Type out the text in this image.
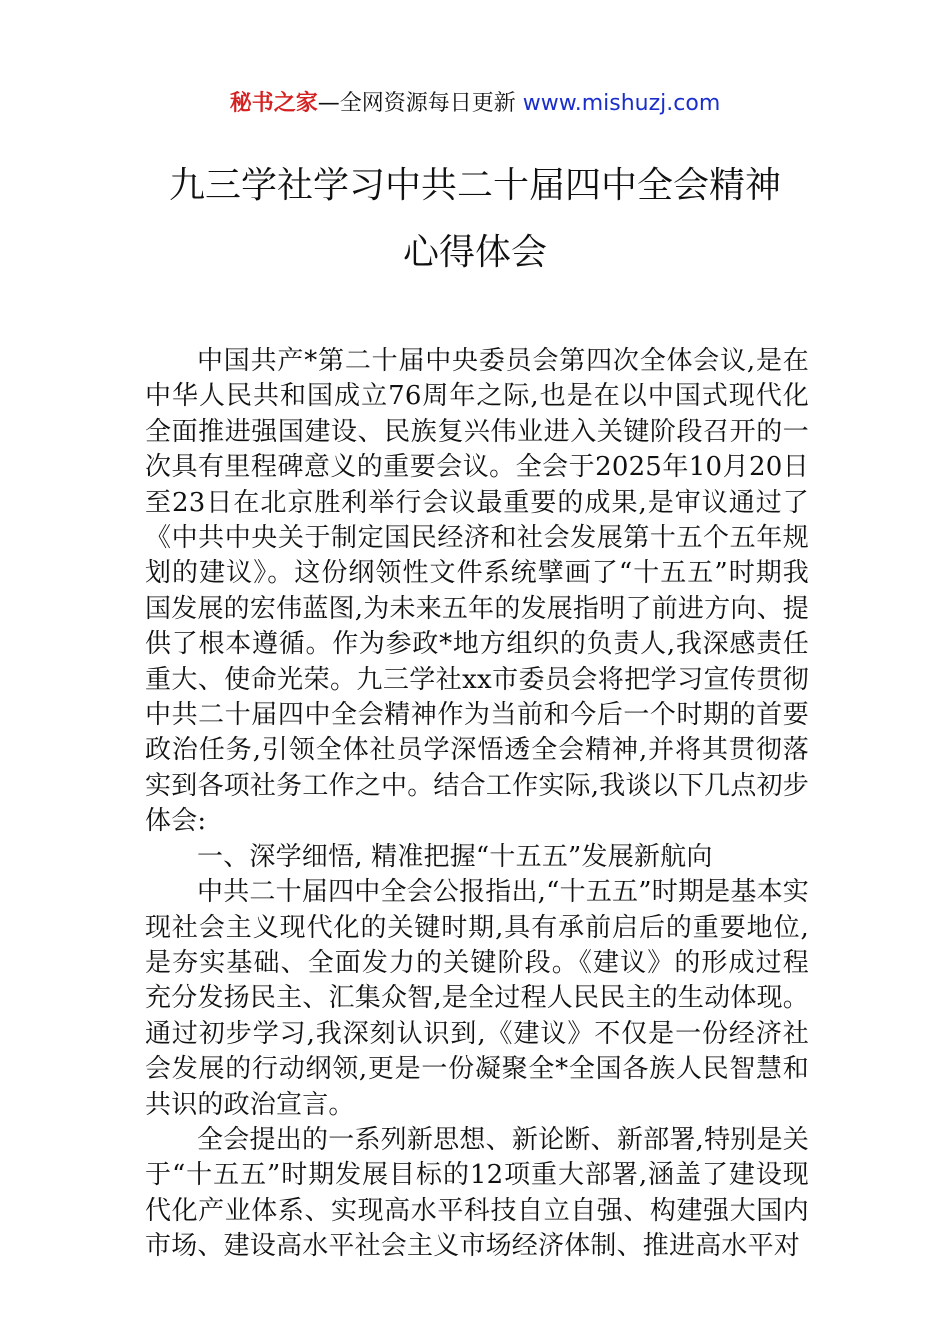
秘书之家—全网资源每日更新 www.mishuzj.com
九三学社学习中共二十届四中全会精神
心得体会

中国共产*第二十届中央委员会第四次全体会议,是在中华人民共和国成立76周年之际,也是在以中国式现代化全面推进强国建设、民族复兴伟业进入关键阶段召开的一次具有里程碑意义的重要会议。全会于2025年10月20日至23日在北京胜利举行会议最重要的成果,是审议通过了《中共中央关于制定国民经济和社会发展第十五个五年规划的建议》。这份纲领性文件系统擘画了“十五五”时期我国发展的宏伟蓝图,为未来五年的发展指明了前进方向、提供了根本遵循。作为参政*地方组织的负责人,我深感责任重大、使命光荣。九三学社xx市委员会将把学习宣传贯彻中共二十届四中全会精神作为当前和今后一个时期的首要政治任务,引领全体社员学深悟透全会精神,并将其贯彻落实到各项社务工作之中。结合工作实际,我谈以下几点初步体会:

一、深学细悟, 精准把握“十五五”发展新航向

中共二十届四中全会公报指出,“十五五”时期是基本实现社会主义现代化的关键时期,具有承前启后的重要地位,是夯实基础、全面发力的关键阶段。《建议》的形成过程充分发扬民主、汇集众智,是全过程人民民主的生动体现。通过初步学习,我深刻认识到,《建议》不仅是一份经济社会发展的行动纲领,更是一份凝聚全*全国各族人民智慧和共识的政治宣言。

全会提出的一系列新思想、新论断、新部署,特别是关于“十五五”时期发展目标的12项重大部署,涵盖了建设现代化产业体系、实现高水平科技自立自强、构建强大国内市场、建设高水平社会主义市场经济体制、推进高水平对
